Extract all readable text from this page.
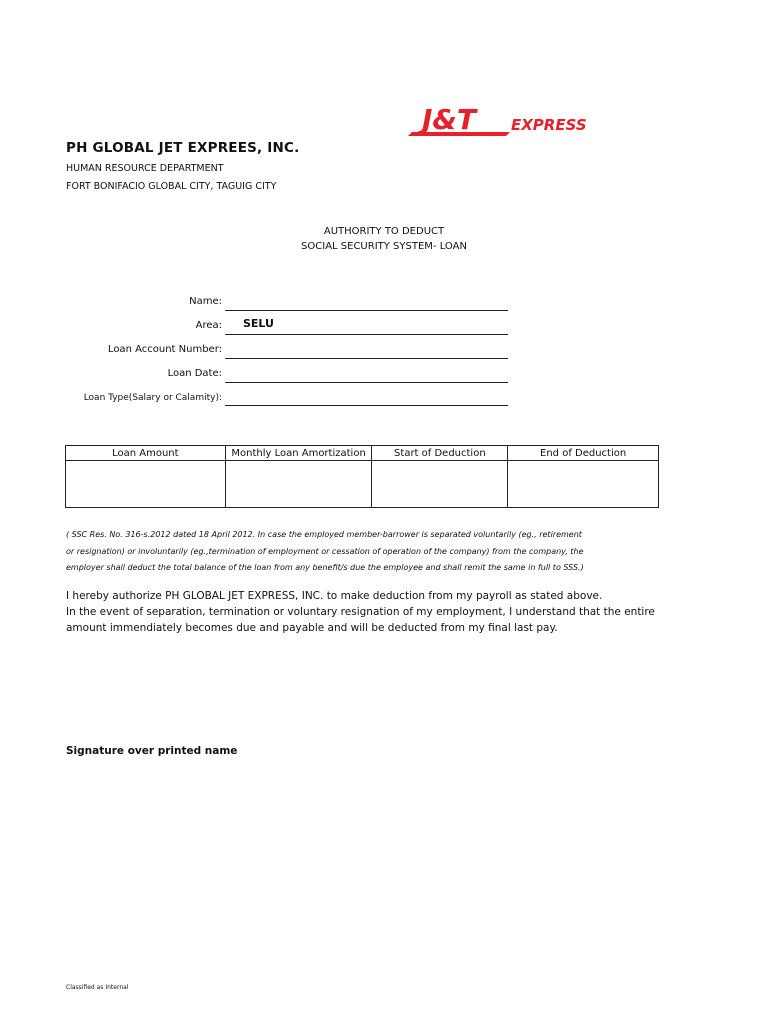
J&T EXPRESS
PH GLOBAL JET EXPREES, INC.
HUMAN RESOURCE DEPARTMENT
FORT BONIFACIO GLOBAL CITY, TAGUIG CITY
AUTHORITY TO DEDUCT
SOCIAL SECURITY SYSTEM- LOAN
Name:
Area: SELU
Loan Account Number:
Loan Date:
Loan Type(Salary or Calamity):
Loan Amount	Monthly Loan Amortization	Start of Deduction	End of Deduction

( SSC Res. No. 316-s.2012 dated 18 April 2012. In case the employed member-barrower is separated voluntarily (eg., retirement
or resignation) or involuntarily (eg.,termination of employment or cessation of operation of the company) from the company, the
employer shall deduct the total balance of the loan from any benefit/s due the employee and shall remit the same in full to SSS.)
I hereby authorize PH GLOBAL JET EXPRESS, INC. to make deduction from my payroll as stated above.
In the event of separation, termination or voluntary resignation of my employment, I understand that the entire
amount immendiately becomes due and payable and will be deducted from my final last pay.
Signature over printed name
Classified as Internal
